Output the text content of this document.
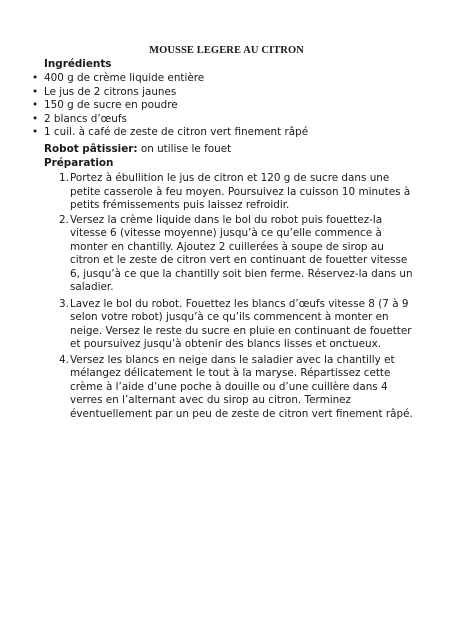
MOUSSE LEGERE AU CITRON
Ingrédients
• 400 g de crème liquide entière
• Le jus de 2 citrons jaunes
• 150 g de sucre en poudre
• 2 blancs d’œufs
• 1 cuil. à café de zeste de citron vert finement râpé
Robot pâtissier: on utilise le fouet
Préparation
1. Portez à ébullition le jus de citron et 120 g de sucre dans une petite casserole à feu moyen. Poursuivez la cuisson 10 minutes à petits frémissements puis laissez refroidir.
2. Versez la crème liquide dans le bol du robot puis fouettez-la vitesse 6 (vitesse moyenne) jusqu’à ce qu’elle commence à monter en chantilly. Ajoutez 2 cuillerées à soupe de sirop au citron et le zeste de citron vert en continuant de fouetter vitesse 6, jusqu’à ce que la chantilly soit bien ferme. Réservez-la dans un saladier.
3. Lavez le bol du robot. Fouettez les blancs d’œufs vitesse 8 (7 à 9 selon votre robot) jusqu’à ce qu’ils commencent à monter en neige. Versez le reste du sucre en pluie en continuant de fouetter et poursuivez jusqu’à obtenir des blancs lisses et onctueux.
4. Versez les blancs en neige dans le saladier avec la chantilly et mélangez délicatement le tout à la maryse. Répartissez cette crème à l’aide d’une poche à douille ou d’une cuillère dans 4 verres en l’alternant avec du sirop au citron. Terminez éventuellement par un peu de zeste de citron vert finement râpé.
